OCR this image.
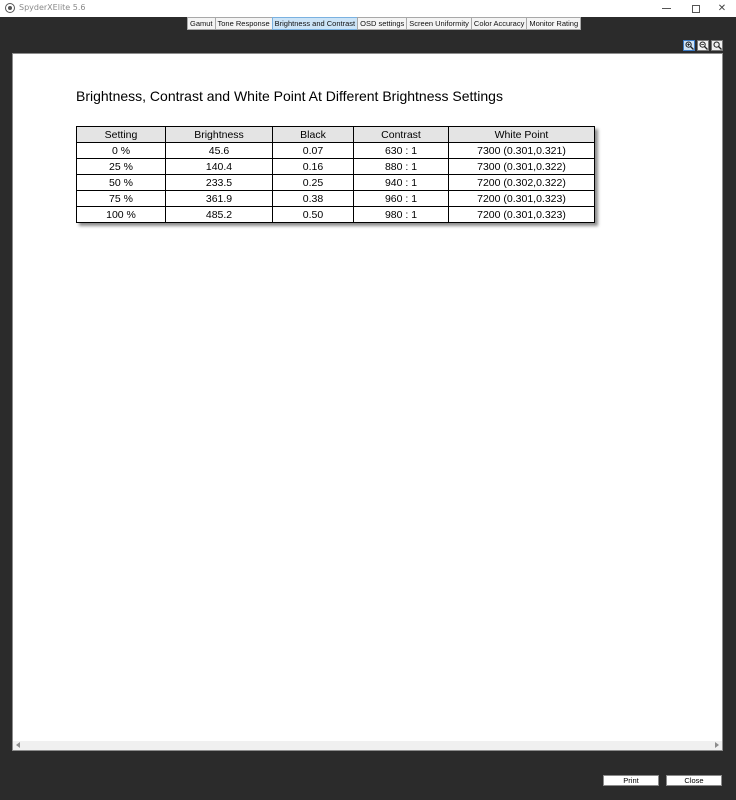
SpyderXElite 5.6	✕
Gamut Tone Response Brightness and Contrast OSD settings Screen Uniformity Color Accuracy Monitor Rating
Brightness, Contrast and White Point At Different Brightness Settings
Setting	Brightness	Black	Contrast	White Point
0 %	45.6	0.07	630 : 1	7300 (0.301,0.321)
25 %	140.4	0.16	880 : 1	7300 (0.301,0.322)
50 %	233.5	0.25	940 : 1	7200 (0.302,0.322)
75 %	361.9	0.38	960 : 1	7200 (0.301,0.323)
100 %	485.2	0.50	980 : 1	7200 (0.301,0.323)
Print	Close
